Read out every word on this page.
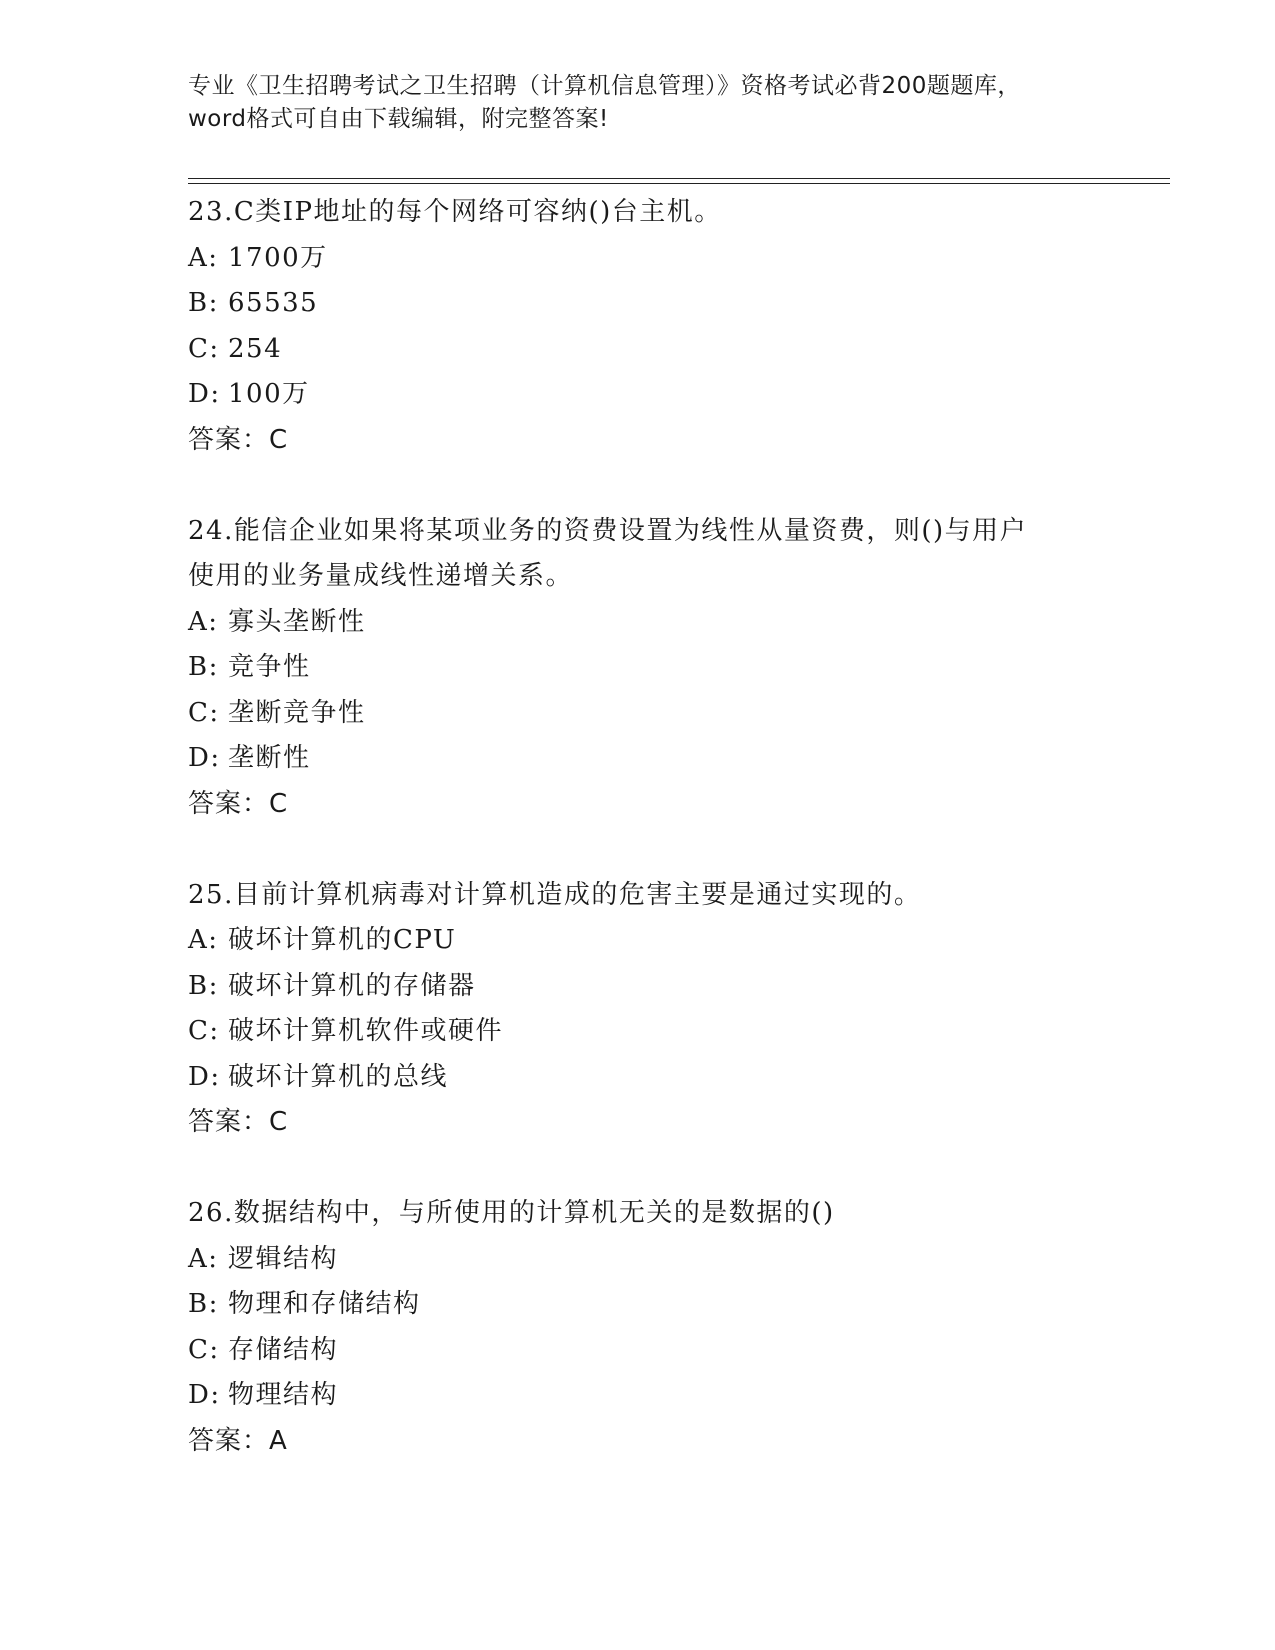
专业《卫生招聘考试之卫生招聘（计算机信息管理）》资格考试必背200题题库，
word格式可自由下载编辑，附完整答案!
23.C类IP地址的每个网络可容纳()台主机。
A: 1700万
B: 65535
C: 254
D: 100万
答案：C
24.能信企业如果将某项业务的资费设置为线性从量资费，则()与用户
使用的业务量成线性递增关系。
A: 寡头垄断性
B: 竞争性
C: 垄断竞争性
D: 垄断性
答案：C
25.目前计算机病毒对计算机造成的危害主要是通过实现的。
A: 破坏计算机的CPU
B: 破坏计算机的存储器
C: 破坏计算机软件或硬件
D: 破坏计算机的总线
答案：C
26.数据结构中，与所使用的计算机无关的是数据的()
A: 逻辑结构
B: 物理和存储结构
C: 存储结构
D: 物理结构
答案：A
